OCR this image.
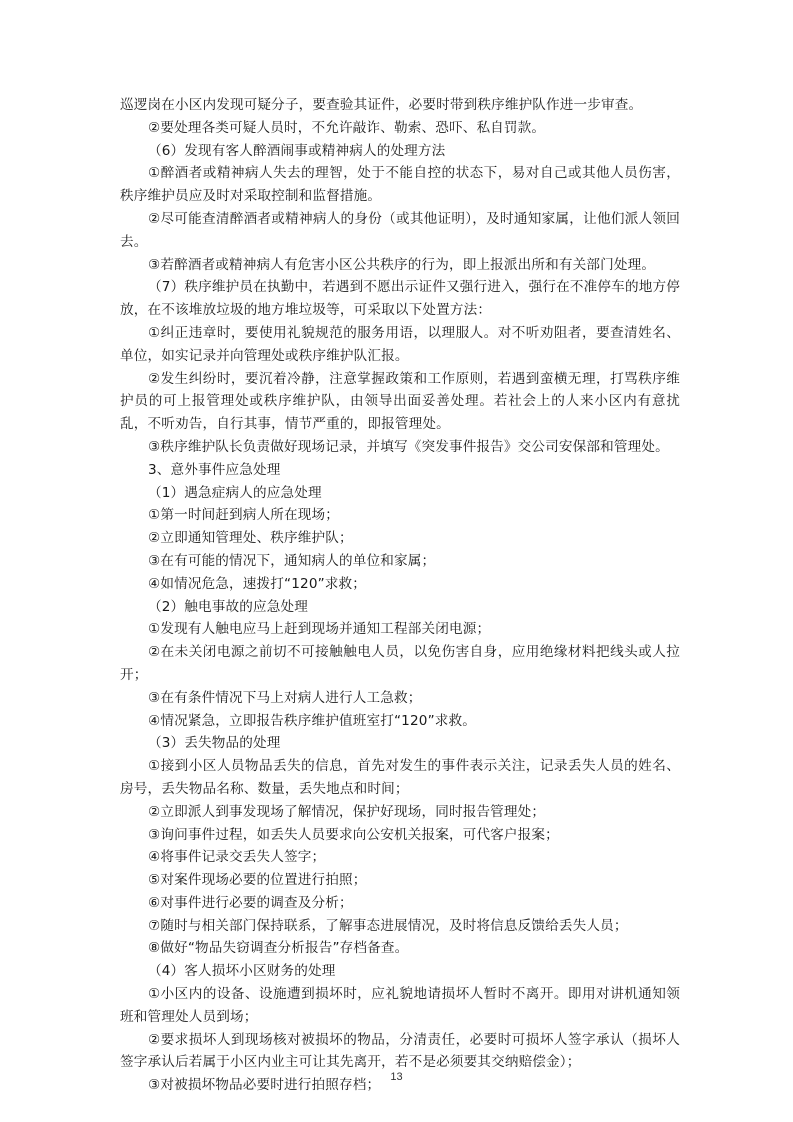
巡逻岗在小区内发现可疑分子，要查验其证件，必要时带到秩序维护队作进一步审查。

②要处理各类可疑人员时，不允许敲诈、勒索、恐吓、私自罚款。

（6）发现有客人醉酒闹事或精神病人的处理方法

①醉酒者或精神病人失去的理智，处于不能自控的状态下，易对自己或其他人员伤害，秩序维护员应及时对采取控制和监督措施。

②尽可能查清醉酒者或精神病人的身份（或其他证明），及时通知家属，让他们派人领回去。

③若醉酒者或精神病人有危害小区公共秩序的行为，即上报派出所和有关部门处理。

（7）秩序维护员在执勤中，若遇到不愿出示证件又强行进入，强行在不准停车的地方停放，在不该堆放垃圾的地方堆垃圾等，可采取以下处置方法：

①纠正违章时，要使用礼貌规范的服务用语，以理服人。对不听劝阻者，要查清姓名、单位，如实记录并向管理处或秩序维护队汇报。

②发生纠纷时，要沉着冷静，注意掌握政策和工作原则，若遇到蛮横无理，打骂秩序维护员的可上报管理处或秩序维护队，由领导出面妥善处理。若社会上的人来小区内有意扰乱，不听劝告，自行其事，情节严重的，即报管理处。

③秩序维护队长负责做好现场记录，并填写《突发事件报告》交公司安保部和管理处。

3、意外事件应急处理

（1）遇急症病人的应急处理

①第一时间赶到病人所在现场；

②立即通知管理处、秩序维护队；

③在有可能的情况下，通知病人的单位和家属；

④如情况危急，速拨打“120”求救；

（2）触电事故的应急处理

①发现有人触电应马上赶到现场并通知工程部关闭电源；

②在未关闭电源之前切不可接触触电人员，以免伤害自身，应用绝缘材料把线头或人拉开；

③在有条件情况下马上对病人进行人工急救；

④情况紧急，立即报告秩序维护值班室打“120”求救。

（3）丢失物品的处理

①接到小区人员物品丢失的信息，首先对发生的事件表示关注，记录丢失人员的姓名、房号，丢失物品名称、数量，丢失地点和时间；

②立即派人到事发现场了解情况，保护好现场，同时报告管理处；

③询问事件过程，如丢失人员要求向公安机关报案，可代客户报案；

④将事件记录交丢失人签字；

⑤对案件现场必要的位置进行拍照；

⑥对事件进行必要的调查及分析；

⑦随时与相关部门保持联系，了解事态进展情况，及时将信息反馈给丢失人员；

⑧做好“物品失窃调查分析报告”存档备查。

（4）客人损坏小区财务的处理

①小区内的设备、设施遭到损坏时，应礼貌地请损坏人暂时不离开。即用对讲机通知领班和管理处人员到场；

②要求损坏人到现场核对被损坏的物品，分清责任，必要时可损坏人签字承认（损坏人签字承认后若属于小区内业主可让其先离开，若不是必须要其交纳赔偿金）；

③对被损坏物品必要时进行拍照存档；

13
